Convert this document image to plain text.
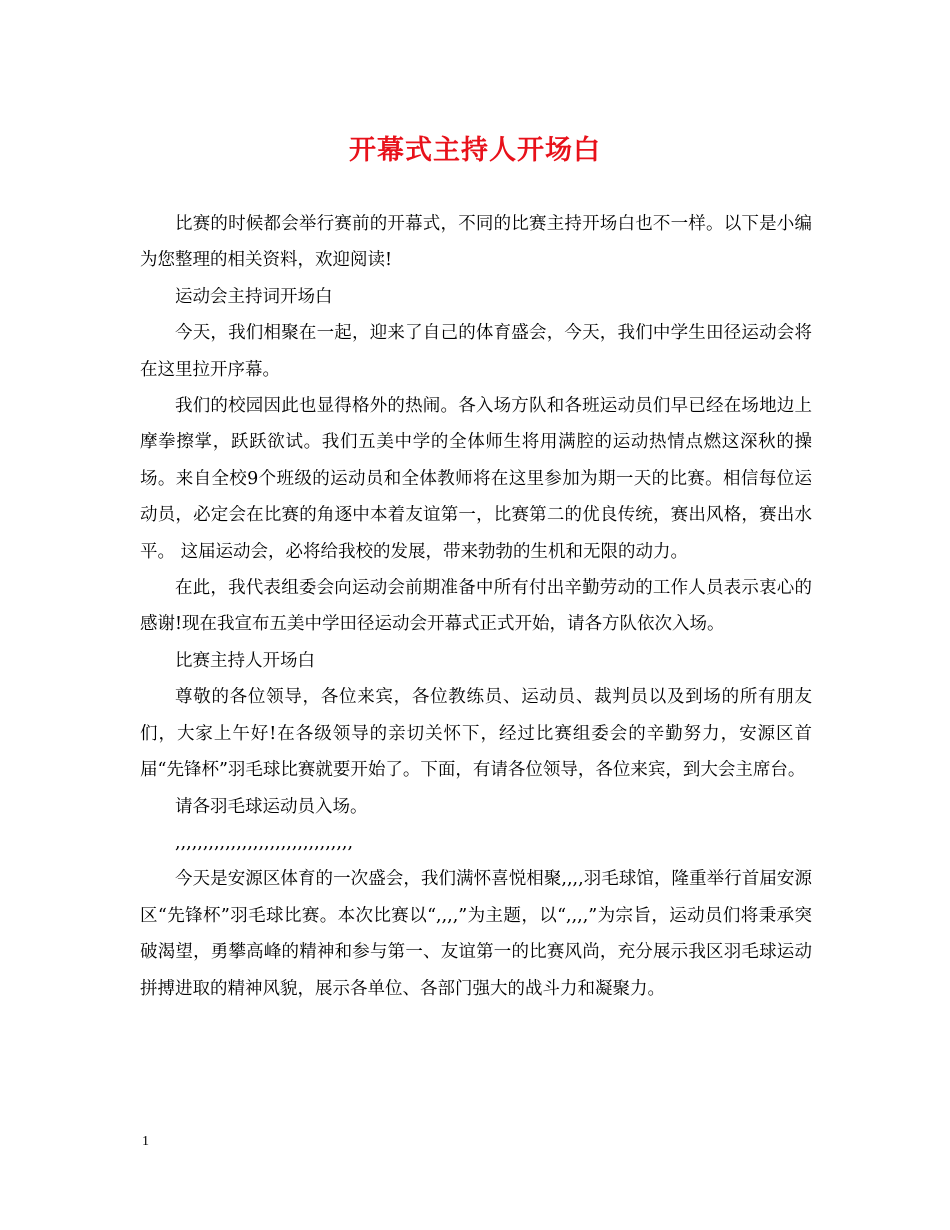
开幕式主持人开场白

比赛的时候都会举行赛前的开幕式，不同的比赛主持开场白也不一样。以下是小编为您整理的相关资料，欢迎阅读!

运动会主持词开场白

今天，我们相聚在一起，迎来了自己的体育盛会，今天，我们中学生田径运动会将在这里拉开序幕。

我们的校园因此也显得格外的热闹。各入场方队和各班运动员们早已经在场地边上摩拳擦掌，跃跃欲试。我们五美中学的全体师生将用满腔的运动热情点燃这深秋的操场。来自全校9个班级的运动员和全体教师将在这里参加为期一天的比赛。相信每位运动员，必定会在比赛的角逐中本着友谊第一，比赛第二的优良传统，赛出风格，赛出水平。 这届运动会，必将给我校的发展，带来勃勃的生机和无限的动力。

在此，我代表组委会向运动会前期准备中所有付出辛勤劳动的工作人员表示衷心的感谢!现在我宣布五美中学田径运动会开幕式正式开始，请各方队依次入场。

比赛主持人开场白

尊敬的各位领导，各位来宾，各位教练员、运动员、裁判员以及到场的所有朋友们，大家上午好!在各级领导的亲切关怀下，经过比赛组委会的辛勤努力，安源区首届“先锋杯”羽毛球比赛就要开始了。下面，有请各位领导，各位来宾，到大会主席台。

请各羽毛球运动员入场。

,,,,,,,,,,,,,,,,,,,,,,,,,,,,,,,,

今天是安源区体育的一次盛会，我们满怀喜悦相聚,,,,羽毛球馆，隆重举行首届安源区“先锋杯”羽毛球比赛。本次比赛以“,,,,”为主题，以“,,,,”为宗旨，运动员们将秉承突破渴望，勇攀高峰的精神和参与第一、友谊第一的比赛风尚，充分展示我区羽毛球运动拼搏进取的精神风貌，展示各单位、各部门强大的战斗力和凝聚力。

1
